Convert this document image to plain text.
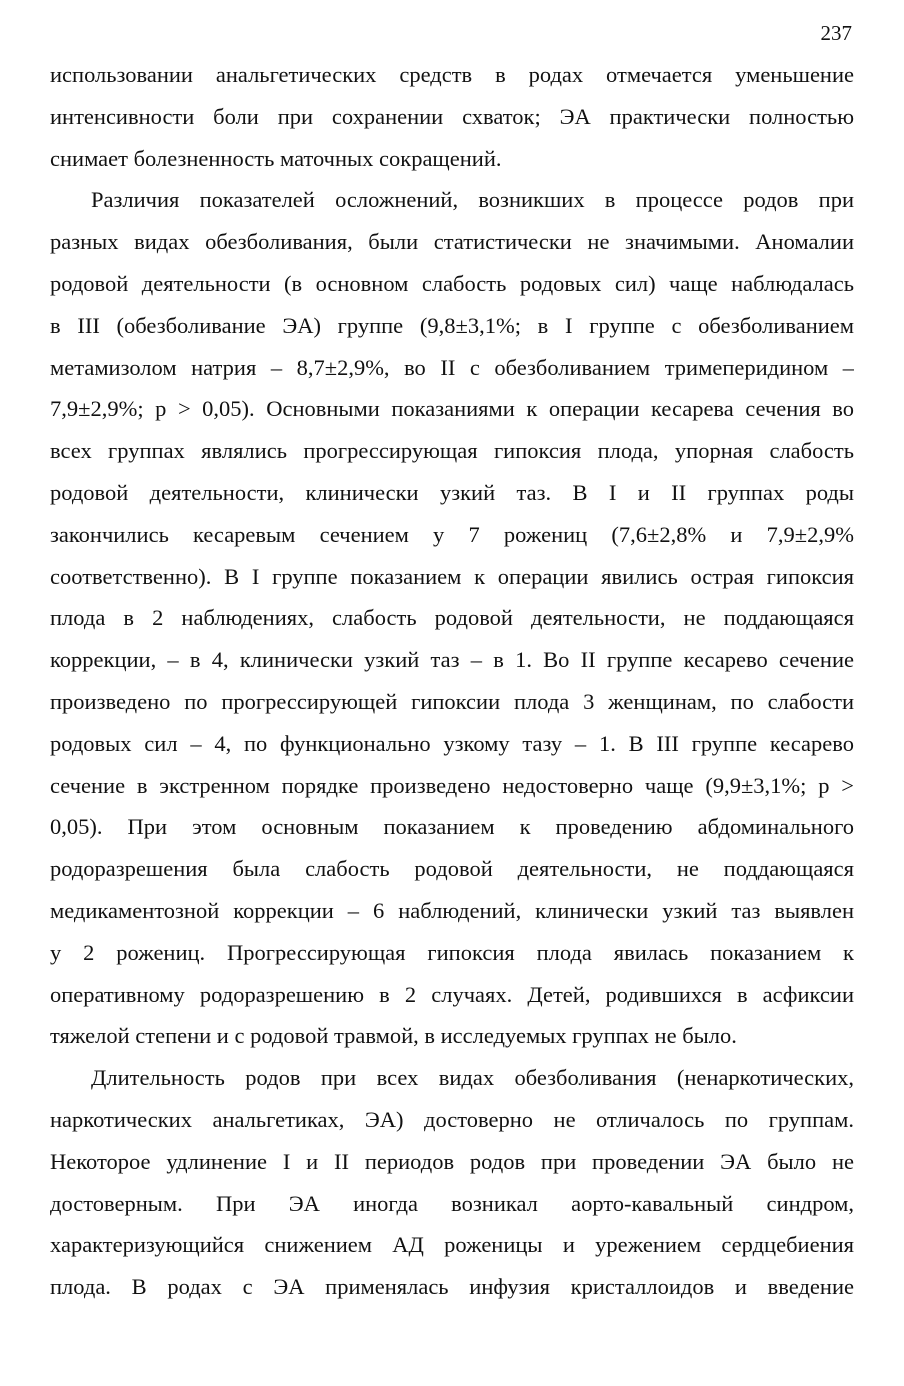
237
использовании анальгетических средств в родах отмечается уменьшение
интенсивности боли при сохранении схваток; ЭА практически полностью
снимает болезненность маточных сокращений.
Различия показателей осложнений, возникших в процессе родов при
разных видах обезболивания, были статистически не значимыми. Аномалии
родовой деятельности (в основном слабость родовых сил) чаще наблюдалась
в III (обезболивание ЭА) группе (9,8±3,1%; в I группе с обезболиванием
метамизолом натрия – 8,7±2,9%, во II с обезболиванием тримеперидином –
7,9±2,9%; p > 0,05). Основными показаниями к операции кесарева сечения во
всех группах являлись прогрессирующая гипоксия плода, упорная слабость
родовой деятельности, клинически узкий таз. В I и II группах роды
закончились кесаревым сечением у 7 рожениц (7,6±2,8% и 7,9±2,9%
соответственно). В I группе показанием к операции явились острая гипоксия
плода в 2 наблюдениях, слабость родовой деятельности, не поддающаяся
коррекции, – в 4, клинически узкий таз – в 1. Во II группе кесарево сечение
произведено по прогрессирующей гипоксии плода 3 женщинам, по слабости
родовых сил – 4, по функционально узкому тазу – 1. В III группе кесарево
сечение в экстренном порядке произведено недостоверно чаще (9,9±3,1%; p >
0,05). При этом основным показанием к проведению абдоминального
родоразрешения была слабость родовой деятельности, не поддающаяся
медикаментозной коррекции – 6 наблюдений, клинически узкий таз выявлен
у 2 рожениц. Прогрессирующая гипоксия плода явилась показанием к
оперативному родоразрешению в 2 случаях. Детей, родившихся в асфиксии
тяжелой степени и с родовой травмой, в исследуемых группах не было.
Длительность родов при всех видах обезболивания (ненаркотических,
наркотических анальгетиках, ЭА) достоверно не отличалось по группам.
Некоторое удлинение I и II периодов родов при проведении ЭА было не
достоверным. При ЭА иногда возникал аорто-кавальный синдром,
характеризующийся снижением АД роженицы и урежением сердцебиения
плода. В родах с ЭА применялась инфузия кристаллоидов и введение
